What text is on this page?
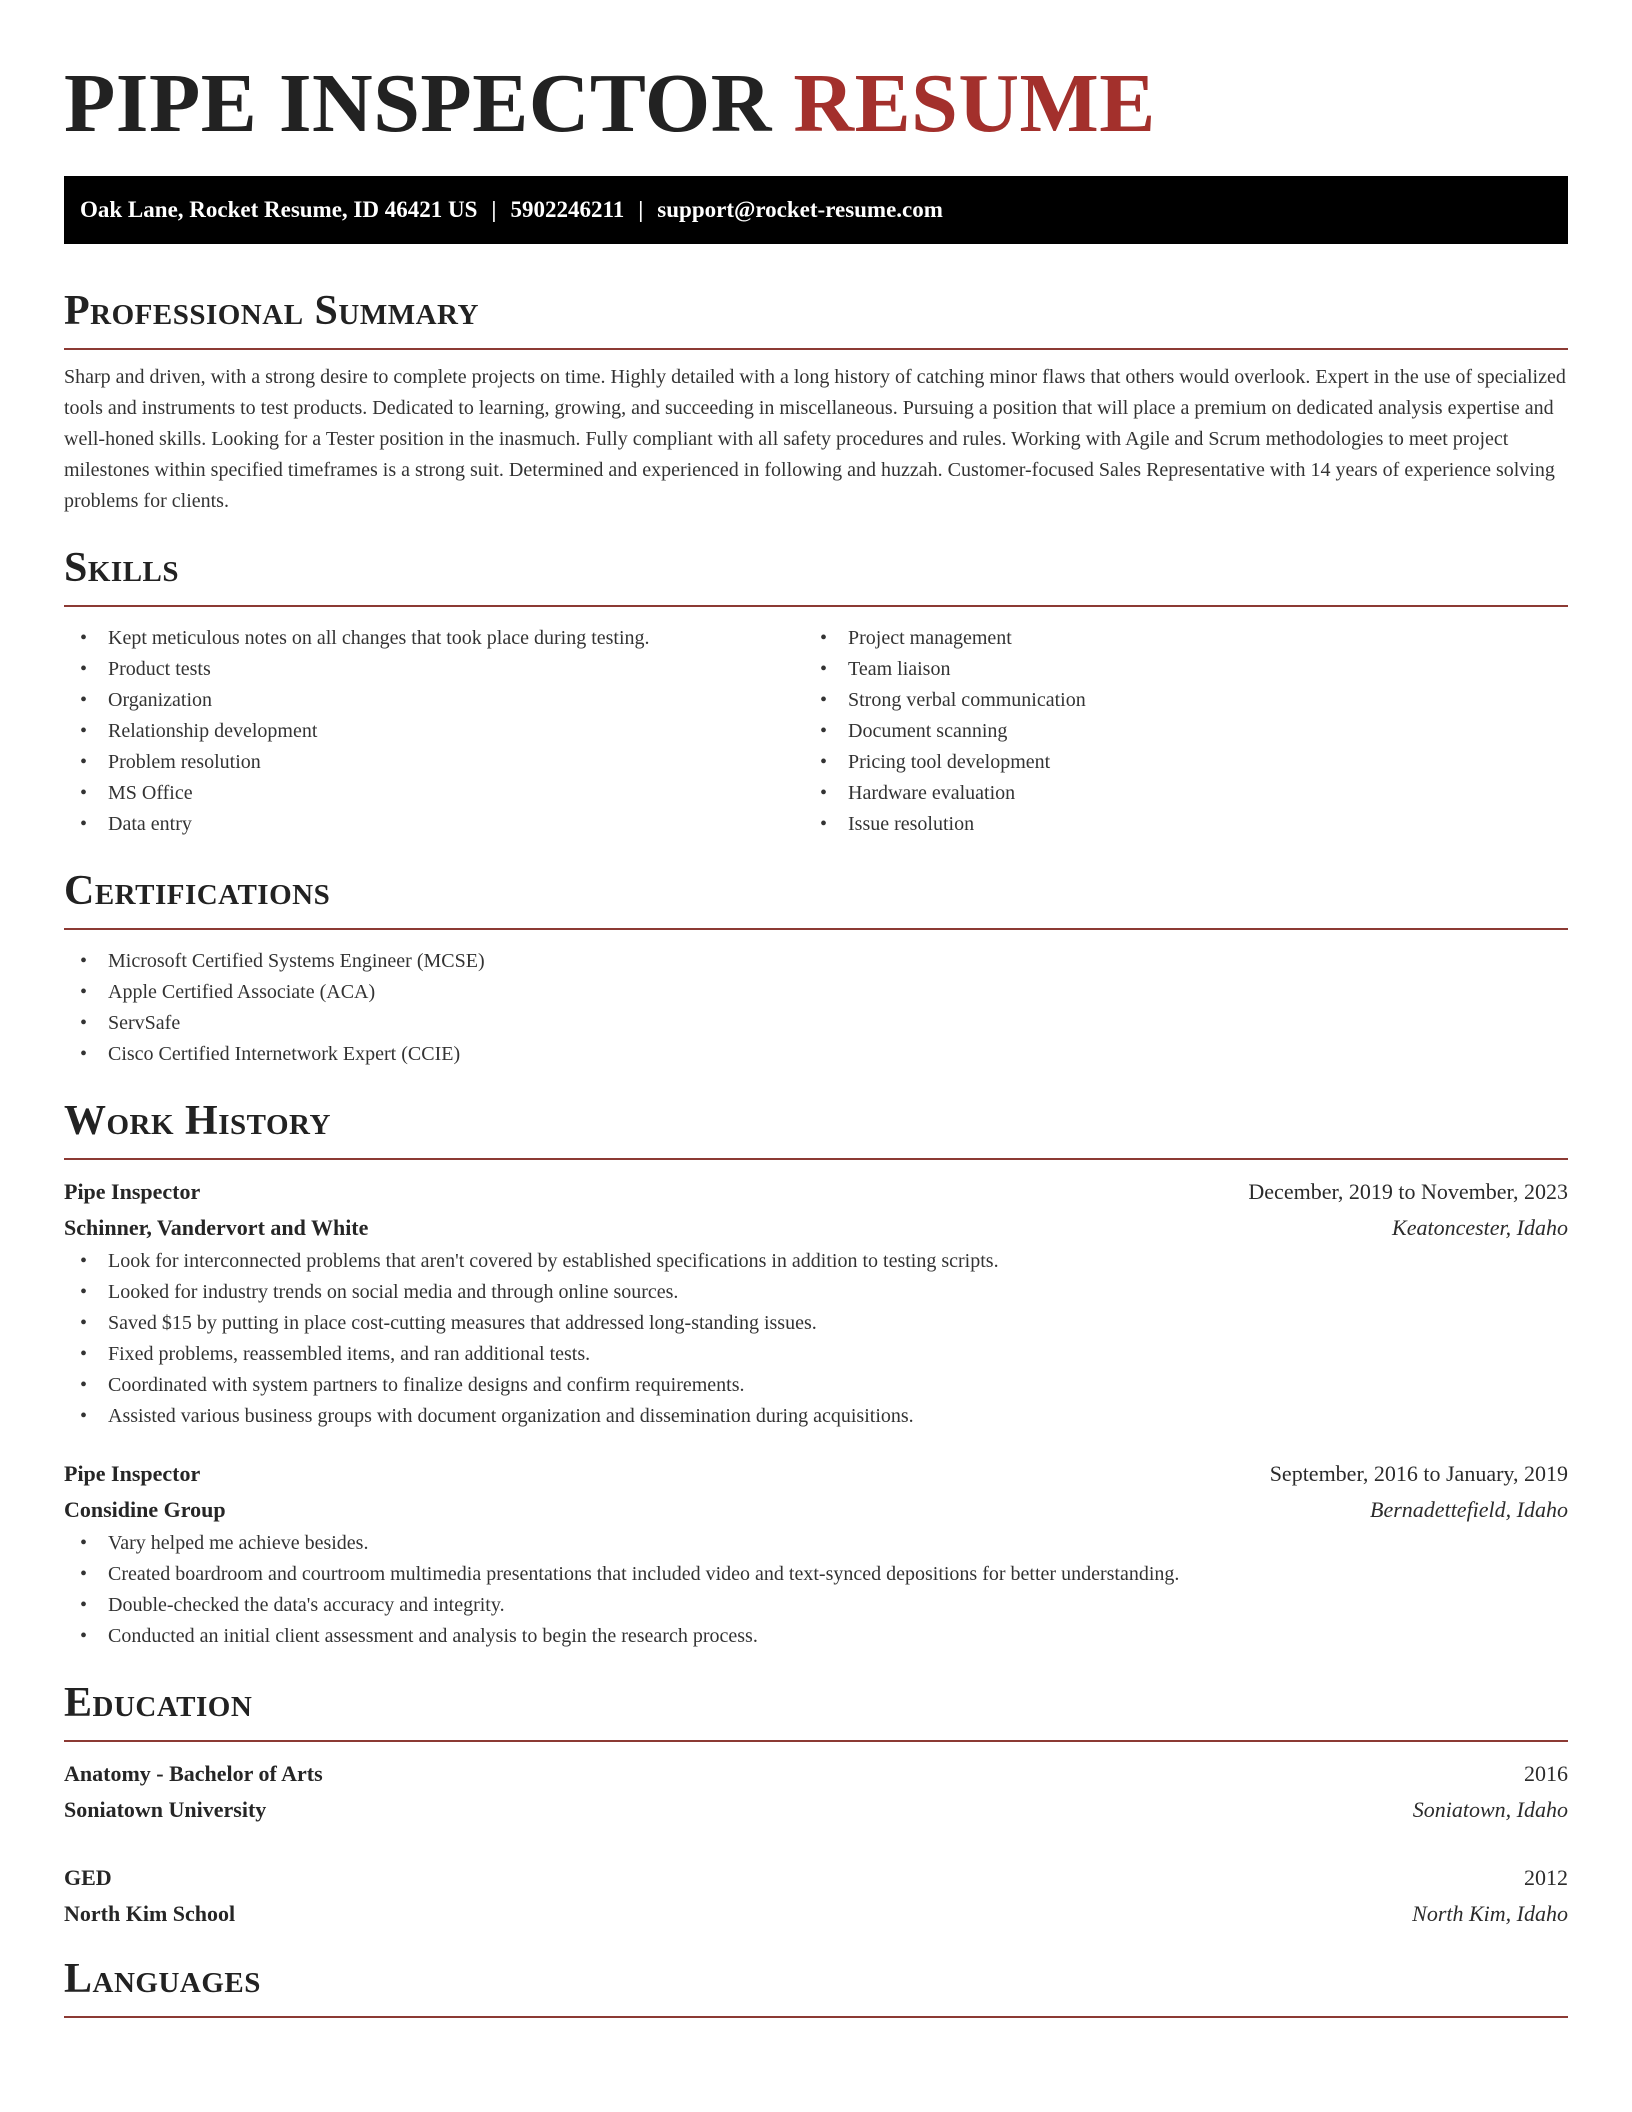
PIPE INSPECTOR RESUME
Oak Lane, Rocket Resume, ID 46421 US | 5902246211 | support@rocket-resume.com
Professional Summary

Sharp and driven, with a strong desire to complete projects on time. Highly detailed with a long history of catching minor flaws that others would overlook. Expert in the use of specialized tools and instruments to test products. Dedicated to learning, growing, and succeeding in miscellaneous. Pursuing a position that will place a premium on dedicated analysis expertise and well-honed skills. Looking for a Tester position in the inasmuch. Fully compliant with all safety procedures and rules. Working with Agile and Scrum methodologies to meet project milestones within specified timeframes is a strong suit. Determined and experienced in following and huzzah. Customer-focused Sales Representative with 14 years of experience solving problems for clients.

Skills
• Kept meticulous notes on all changes that took place during testing.
• Product tests
• Organization
• Relationship development
• Problem resolution
• MS Office
• Data entry
• Project management
• Team liaison
• Strong verbal communication
• Document scanning
• Pricing tool development
• Hardware evaluation
• Issue resolution
Certifications
• Microsoft Certified Systems Engineer (MCSE)
• Apple Certified Associate (ACA)
• ServSafe
• Cisco Certified Internetwork Expert (CCIE)
Work History
Pipe Inspector	December, 2019 to November, 2023
Schinner, Vandervort and White	Keatoncester, Idaho
• Look for interconnected problems that aren't covered by established specifications in addition to testing scripts.
• Looked for industry trends on social media and through online sources.
• Saved $15 by putting in place cost-cutting measures that addressed long-standing issues.
• Fixed problems, reassembled items, and ran additional tests.
• Coordinated with system partners to finalize designs and confirm requirements.
• Assisted various business groups with document organization and dissemination during acquisitions.
Pipe Inspector	September, 2016 to January, 2019
Considine Group	Bernadettefield, Idaho
• Vary helped me achieve besides.
• Created boardroom and courtroom multimedia presentations that included video and text-synced depositions for better understanding.
• Double-checked the data's accuracy and integrity.
• Conducted an initial client assessment and analysis to begin the research process.
Education
Anatomy - Bachelor of Arts	2016
Soniatown University	Soniatown, Idaho
GED	2012
North Kim School	North Kim, Idaho
Languages
